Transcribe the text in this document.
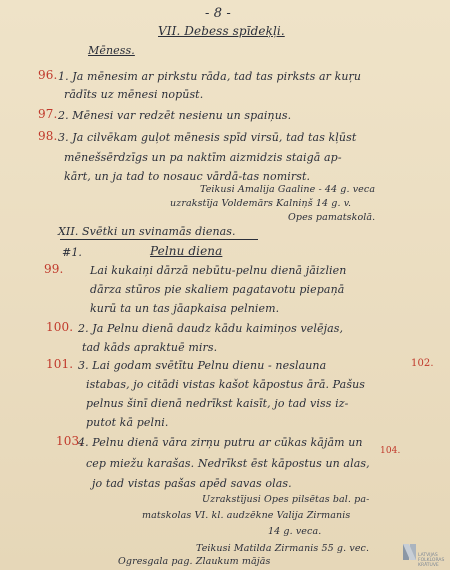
- 8 -
VII. Debess spīdeķļi.
Mēness.
96. 1. Ja mēnesim ar pirkstu rāda, tad tas pirksts ar kuŗu
rādīts uz mēnesi nopūst.
97. 2. Mēnesi var redzēt nesienu un spaiņus.
98. 3. Ja cilvēkam guļot mēnesis spīd virsū, tad tas kļūst
mēnešsērdzīgs un pa naktīm aizmidzis staigā ap-
kārt, un ja tad to nosauc vārdā-tas nomirst.
Teikusi Amalija Gaaline - 44 g. veca
uzrakstīja Voldemārs Kalniņš 14 g. v.
Opes pamatskolā.
XII. Svētki un svinamās dienas.
#1.	Pelnu diena
99. Lai kukaiņi dārzā nebūtu-pelnu dienā jāizlien
dārza stūros pie skaliem pagatavotu piepaņā
kurū ta un tas jāapkaisa pelniem.
100. 2. Ja Pelnu dienā daudz kādu kaimiņos velējas,
tad kāds apraktuē mirs.
101. 3. Lai godam svētītu Pelnu dienu - neslauna	102.
istabas, jo citādi vistas kašot kāpostus ārā. Pašus
pelnus šinī dienā nedrīkst kaisīt, jo tad viss iz-
putot kā pelni.
103.
4. Pelnu dienā vāra zirņu putru ar cūkas kājām un
104.
cep miežu karašas. Nedrīkst ēst kāpostus un alas,
jo tad vistas pašas apēd savas olas.
Uzrakstījusi Opes pilsētas bal. pa-
matskolas VI. kl. audzēkne Valija Zirmanis
14 g. veca.
Teikusi Matilda Zirmanis 55 g. vec.
Ogresgala pag. Zlaukum mājās
LATVIJAS FOLKLORAS KRĀTUVE
